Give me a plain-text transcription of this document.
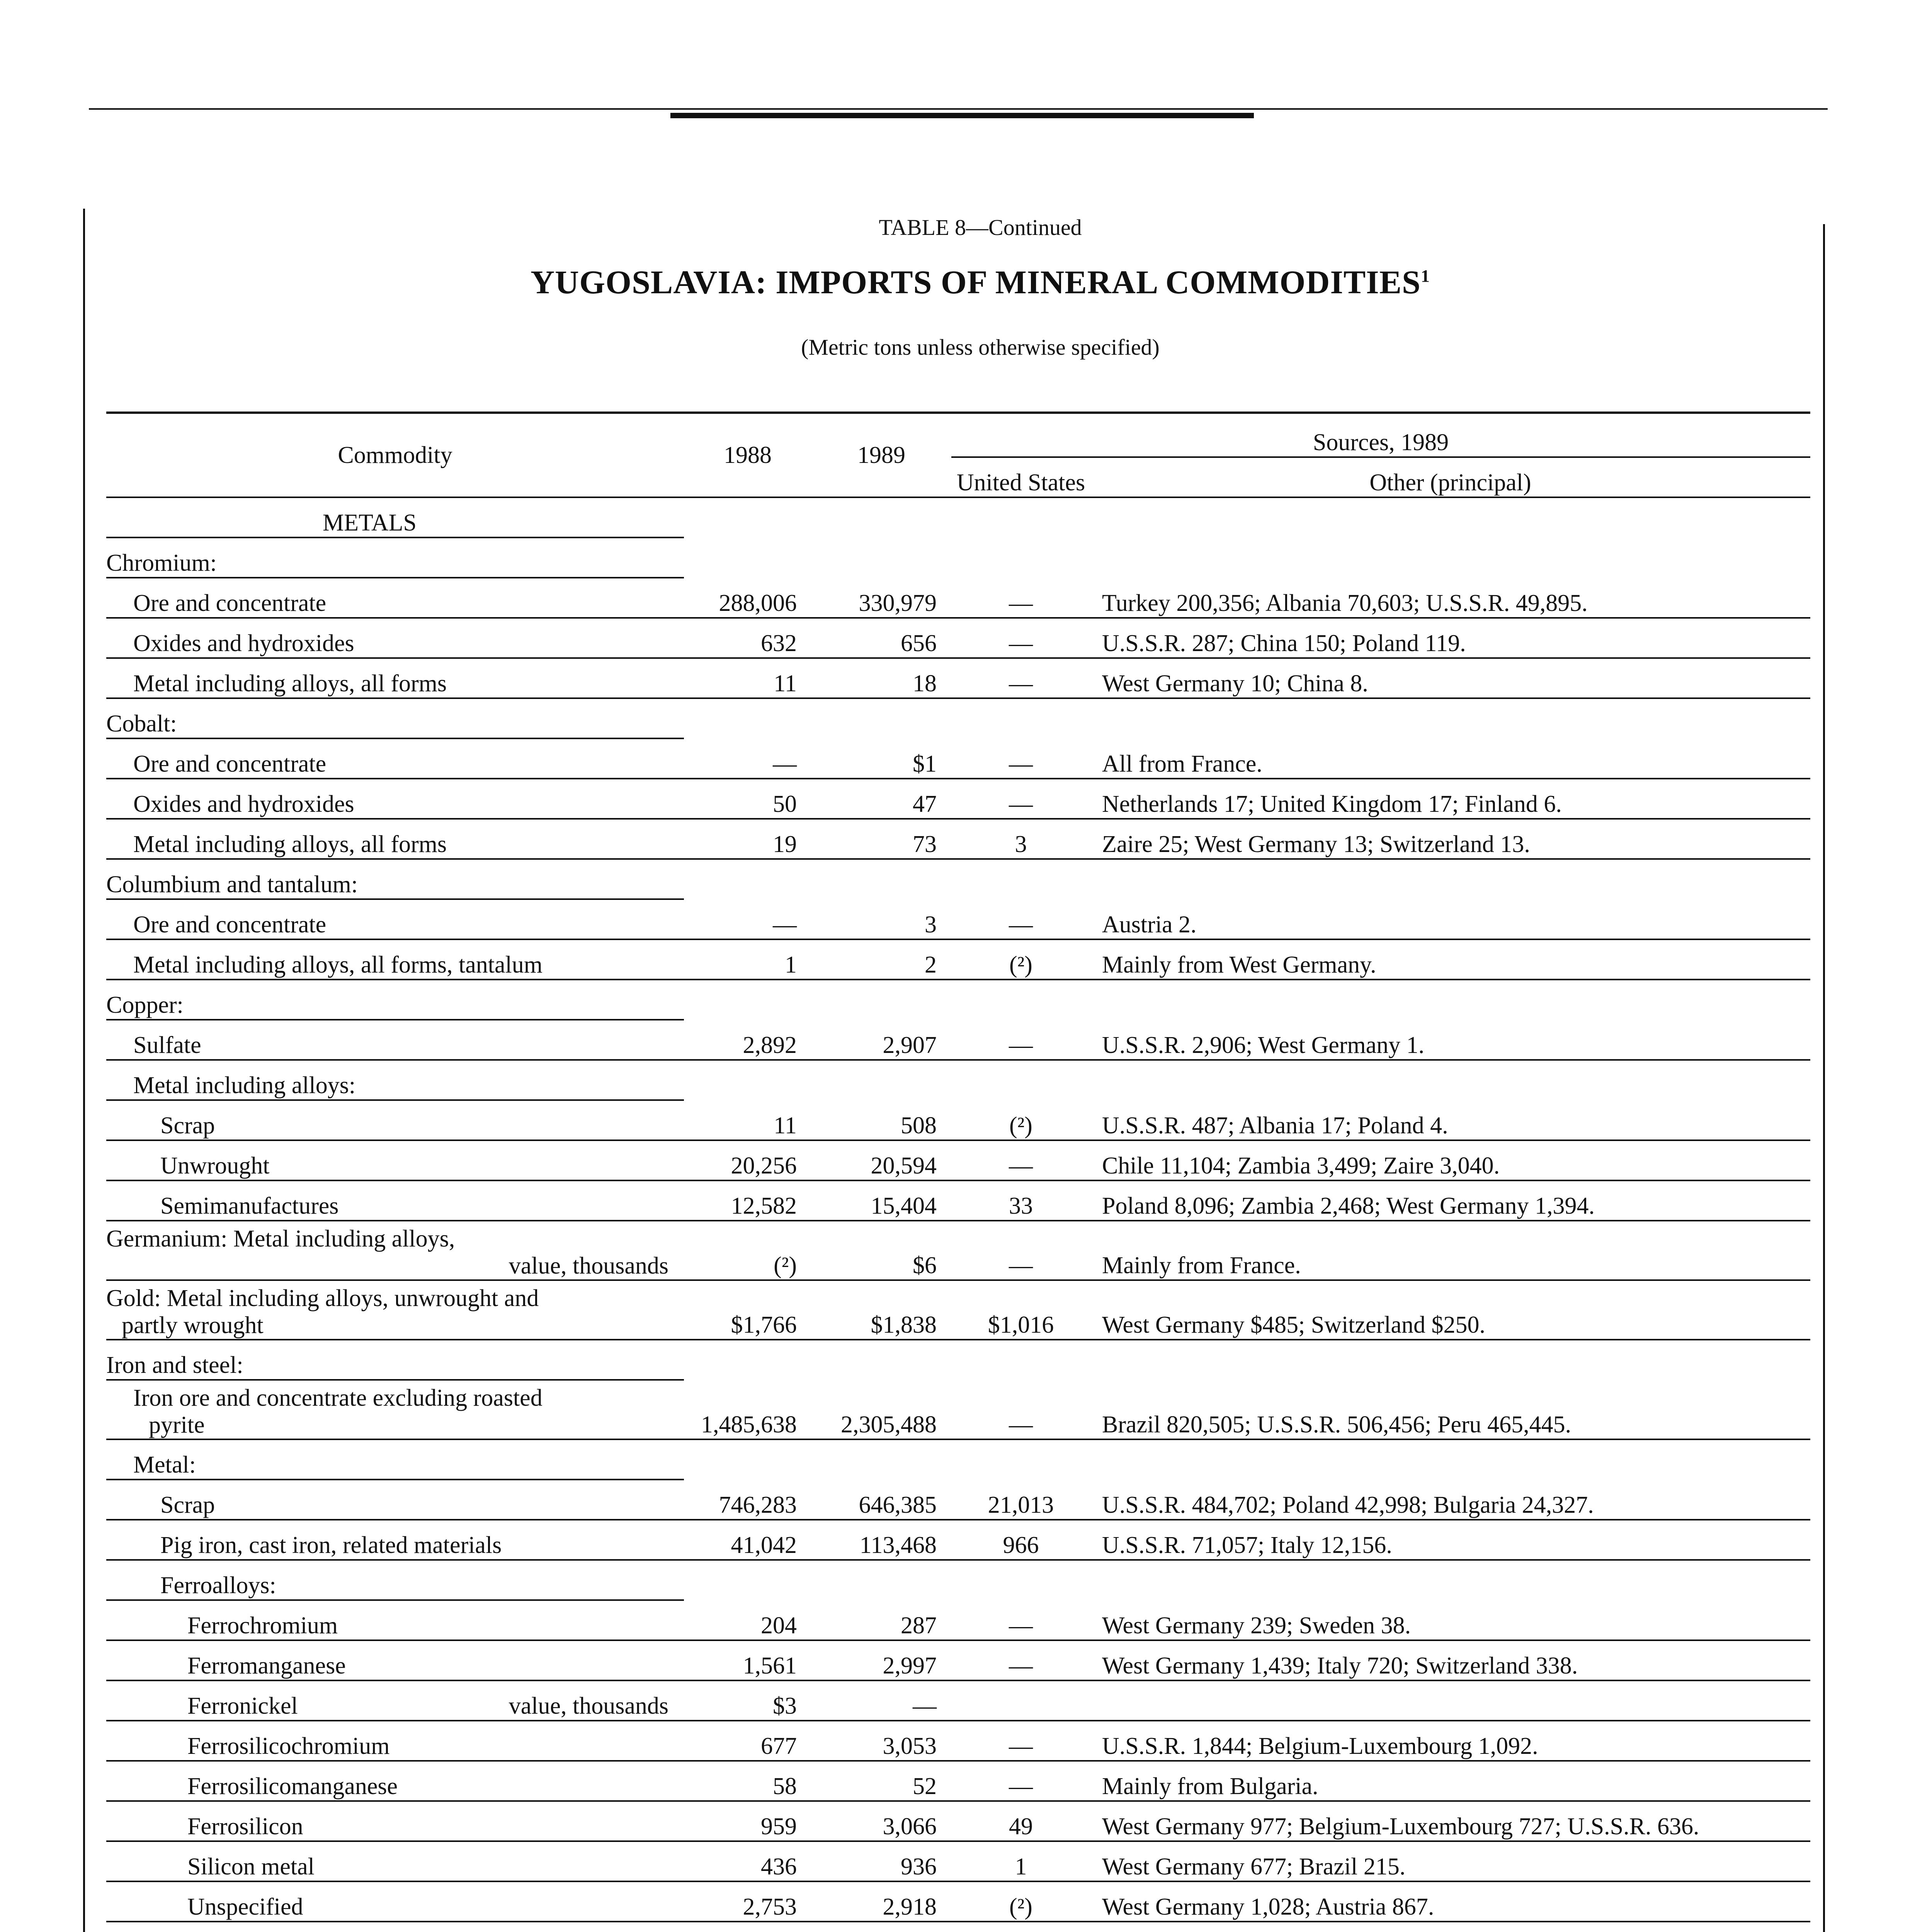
TABLE 8—Continued
YUGOSLAVIA: IMPORTS OF MINERAL COMMODITIES$^1$
(Metric tons unless otherwise specified)
Commodity	1988	1989	Sources, 1989	
			United States	Other (principal)
METALS				
Chromium:				
Ore and concentrate	288,006	330,979	—	Turkey 200,356; Albania 70,603; U.S.S.R. 49,895.
Oxides and hydroxides	632	656	—	U.S.S.R. 287; China 150; Poland 119.
Metal including alloys, all forms	11	18	—	West Germany 10; China 8.
Cobalt:				
Ore and concentrate	—	$1	—	All from France.
Oxides and hydroxides	50	47	—	Netherlands 17; United Kingdom 17; Finland 6.
Metal including alloys, all forms	19	73	3	Zaire 25; West Germany 13; Switzerland 13.
Columbium and tantalum:				
Ore and concentrate	—	3	—	Austria 2.
Metal including alloys, all forms, tantalum	1	2	(²)	Mainly from West Germany.
Copper:				
Sulfate	2,892	2,907	—	U.S.S.R. 2,906; West Germany 1.
Metal including alloys:				
Scrap	11	508	(²)	U.S.S.R. 487; Albania 17; Poland 4.
Unwrought	20,256	20,594	—	Chile 11,104; Zambia 3,499; Zaire 3,040.
Semimanufactures	12,582	15,404	33	Poland 8,096; Zambia 2,468; West Germany 1,394.

Germanium: Metal including alloys,
value, thousands	(²)	$6	—	Mainly from France.

Gold: Metal including alloys, unwrought and
partly wrought	$1,766	$1,838	$1,016	West Germany $485; Switzerland $250.
Iron and steel:				

Iron ore and concentrate excluding roasted
pyrite	1,485,638	2,305,488	—	Brazil 820,505; U.S.S.R. 506,456; Peru 465,445.
Metal:				
Scrap	746,283	646,385	21,013	U.S.S.R. 484,702; Poland 42,998; Bulgaria 24,327.
Pig iron, cast iron, related materials	41,042	113,468	966	U.S.S.R. 71,057; Italy 12,156.
Ferroalloys:				
Ferrochromium	204	287	—	West Germany 239; Sweden 38.
Ferromanganese	1,561	2,997	—	West Germany 1,439; Italy 720; Switzerland 338.
Ferronickel value, thousands	$3	—		
Ferrosilicochromium	677	3,053	—	U.S.S.R. 1,844; Belgium-Luxembourg 1,092.
Ferrosilicomanganese	58	52	—	Mainly from Bulgaria.
Ferrosilicon	959	3,066	49	West Germany 977; Belgium-Luxembourg 727; U.S.S.R. 636.
Silicon metal	436	936	1	West Germany 677; Brazil 215.
Unspecified	2,753	2,918	(²)	West Germany 1,028; Austria 867.
